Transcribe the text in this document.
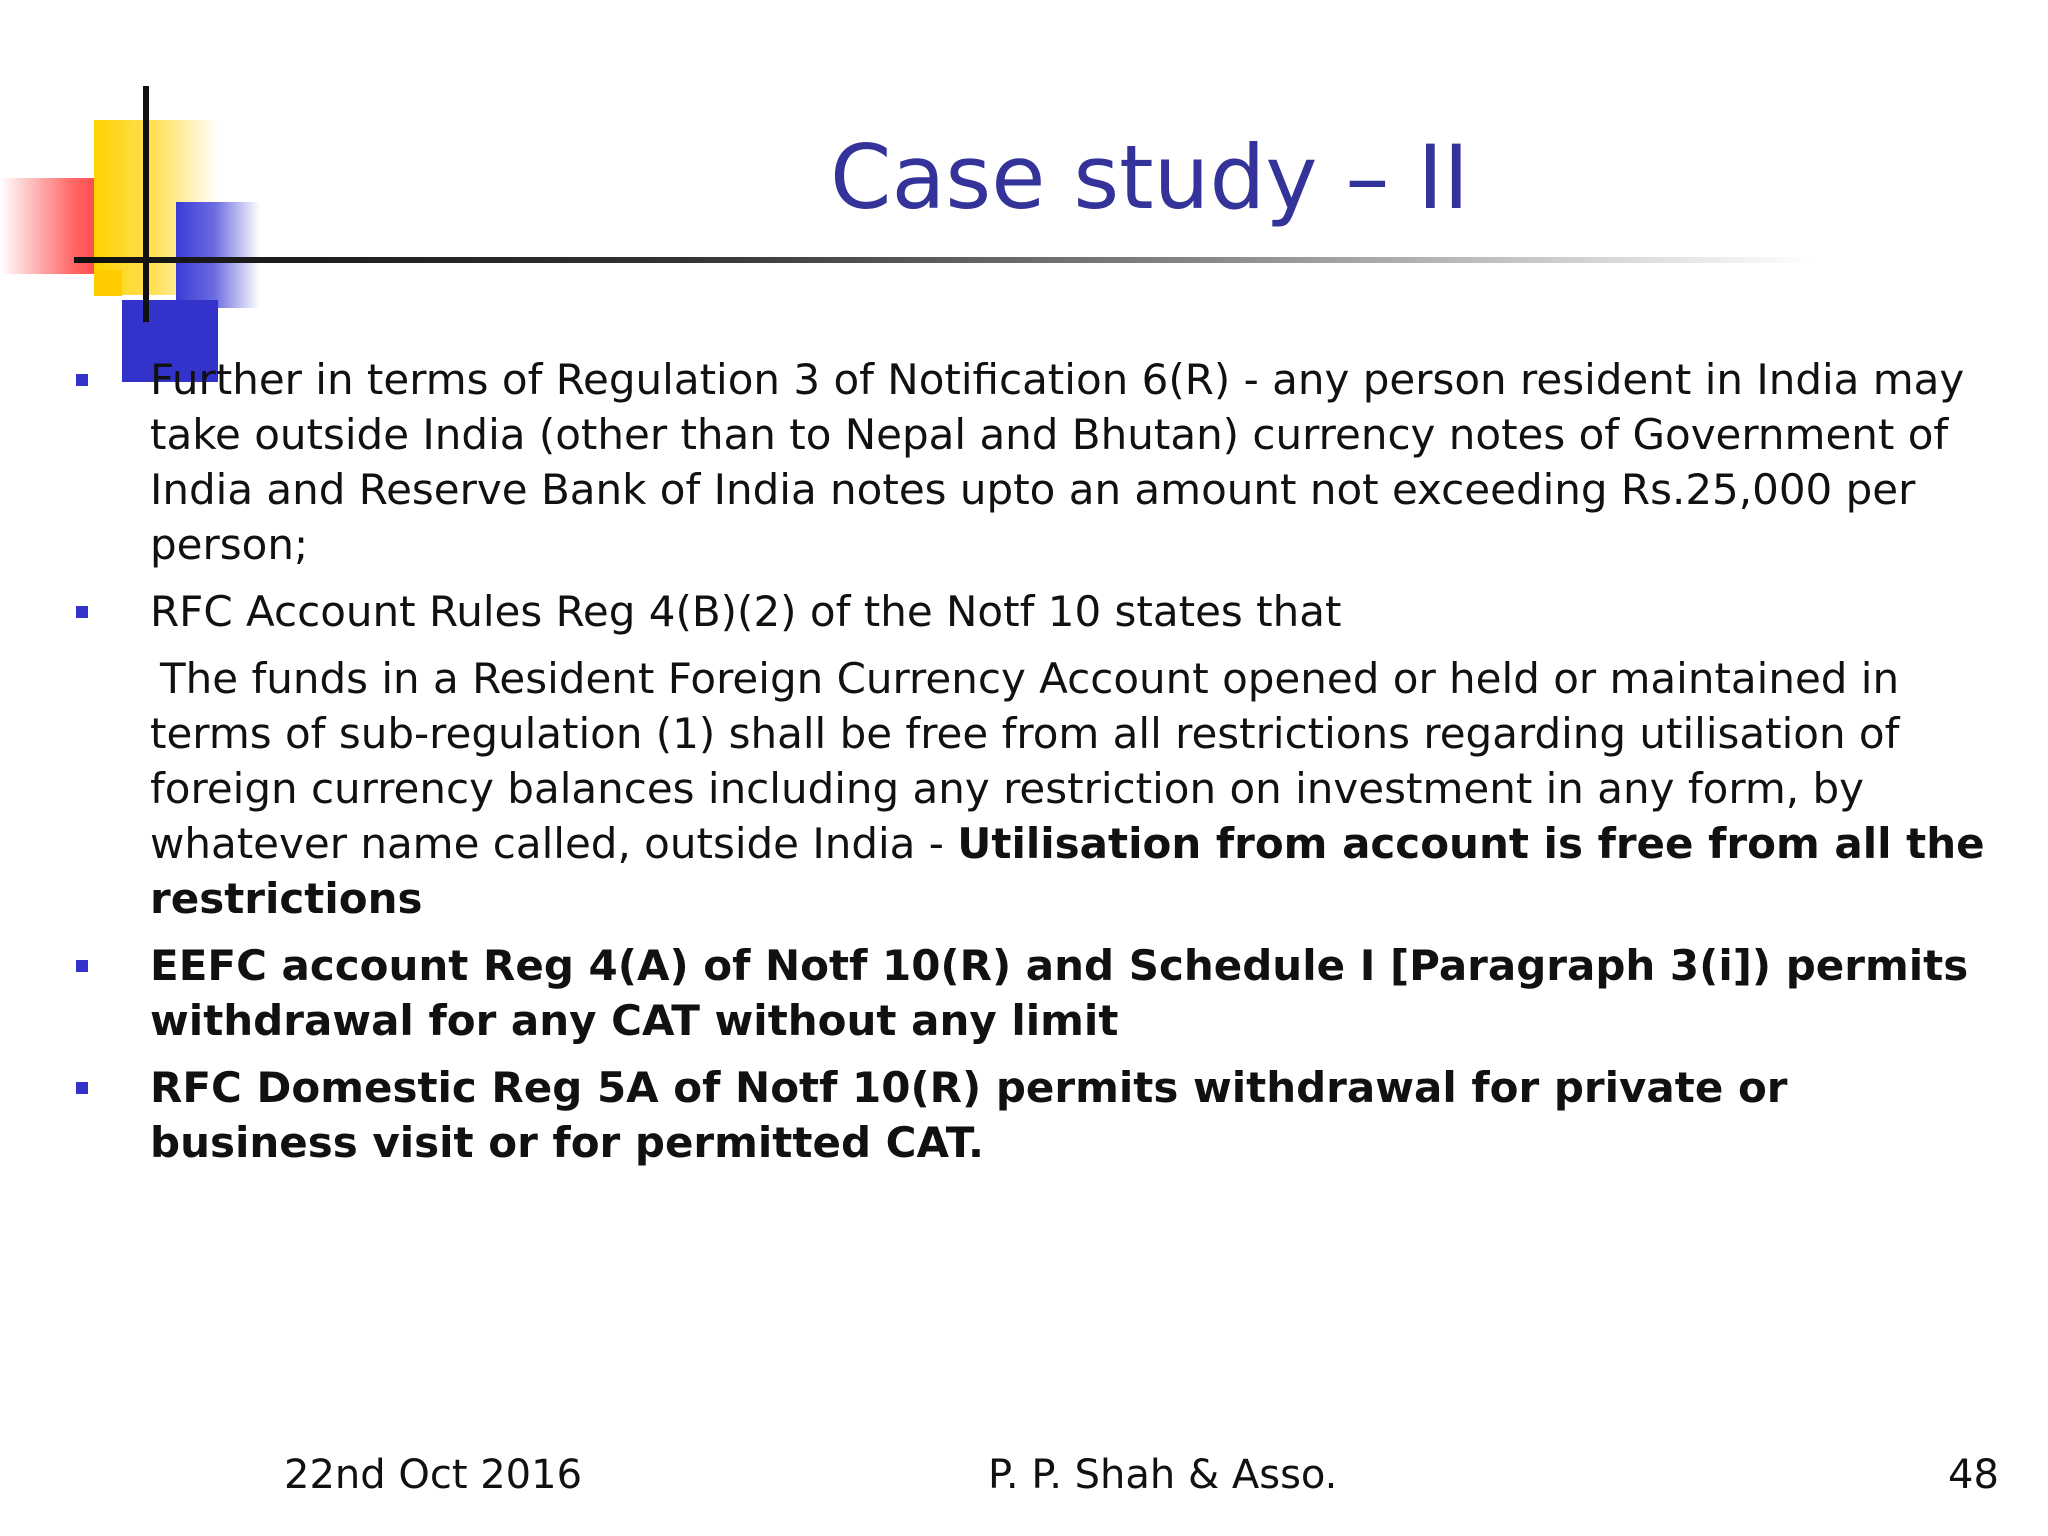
Case study – II
Further in terms of Regulation 3 of Notification 6(R) - any person resident in India may take outside India (other than to Nepal and Bhutan) currency notes of Government of India and Reserve Bank of India notes upto an amount not exceeding Rs.25,000 per person;
RFC Account Rules Reg 4(B)(2) of the Notf 10 states that
The funds in a Resident Foreign Currency Account opened or held or maintained in terms of sub-regulation (1) shall be free from all restrictions regarding utilisation of foreign currency balances including any restriction on investment in any form, by whatever name called, outside India - Utilisation from account is free from all the restrictions
EEFC account Reg 4(A) of Notf 10(R) and Schedule I [Paragraph 3(i]) permits withdrawal for any CAT without any limit
RFC Domestic Reg 5A of Notf 10(R) permits withdrawal for private or business visit or for permitted CAT.
22nd Oct 2016	P. P. Shah & Asso.	48
